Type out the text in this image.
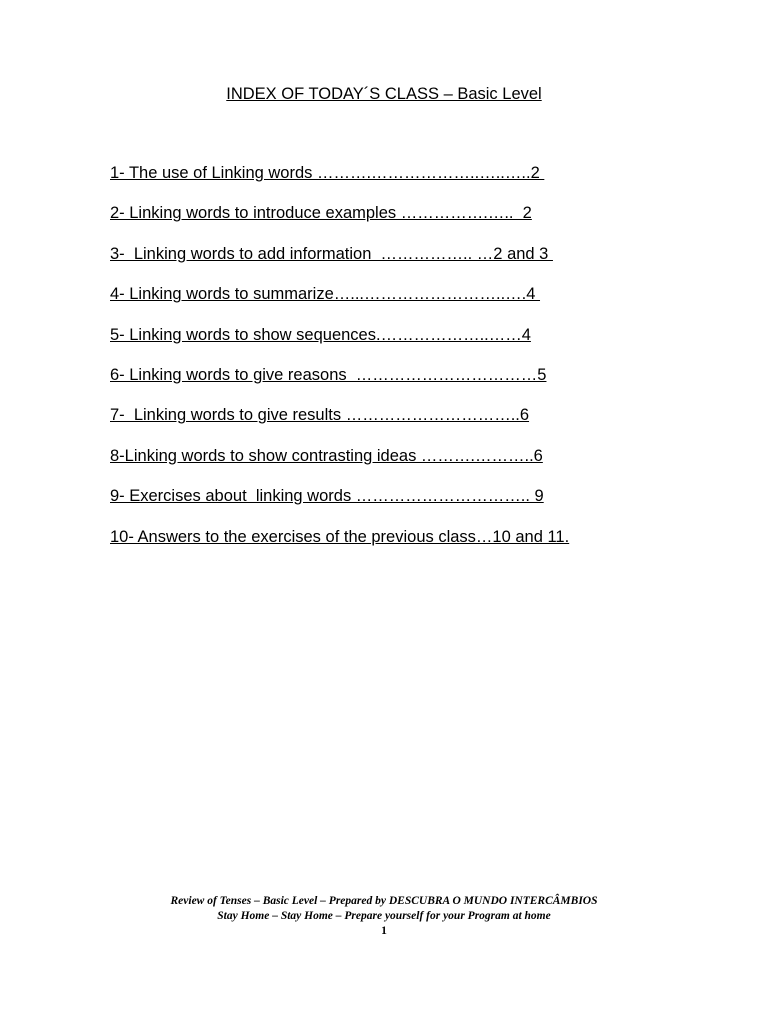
INDEX OF TODAY´S CLASS – Basic Level
1- The use of Linking words ……….………………..…..…..2
2- Linking words to introduce examples …………….…..  2
3-  Linking words to add information  …………….. …2 and 3
4- Linking words to summarize…...……………………..….4
5- Linking words to show sequences.………………..……4
6- Linking words to give reasons  ……………………………5
7-  Linking words to give results …………………………..6
8-Linking words to show contrasting ideas ……….………..6
9- Exercises about  linking words ………………………….. 9
10- Answers to the exercises of the previous class…10 and 11.
Review of Tenses – Basic Level – Prepared by DESCUBRA O MUNDO INTERCÂMBIOS
Stay Home – Stay Home – Prepare yourself for your Program at home
1
